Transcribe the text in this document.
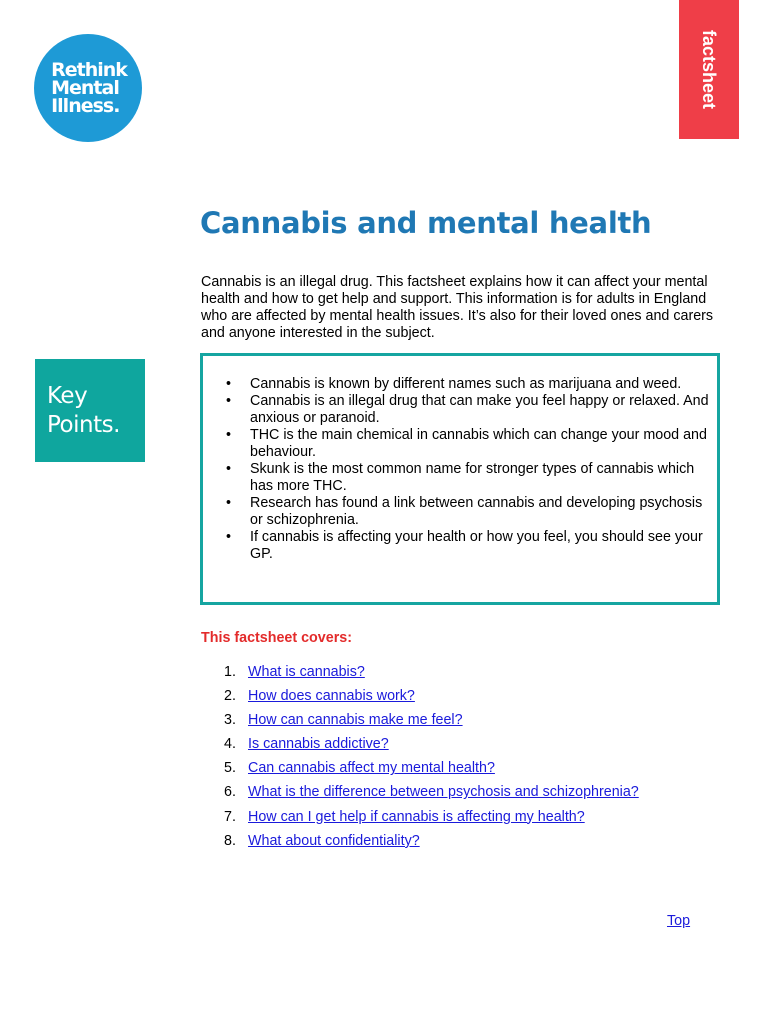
Rethink
Mental
Illness.	factsheet
Cannabis and mental health

Cannabis is an illegal drug. This factsheet explains how it can affect your mental health and how to get help and support. This information is for adults in England who are affected by mental health issues. It’s also for their loved ones and carers and anyone interested in the subject.

Key
Points.
• Cannabis is known by different names such as marijuana and weed.
• Cannabis is an illegal drug that can make you feel happy or relaxed. And anxious or paranoid.
• THC is the main chemical in cannabis which can change your mood and behaviour.
• Skunk is the most common name for stronger types of cannabis which has more THC.
• Research has found a link between cannabis and developing psychosis or schizophrenia.
• If cannabis is affecting your health or how you feel, you should see your GP.
This factsheet covers:
1. What is cannabis?
2. How does cannabis work?
3. How can cannabis make me feel?
4. Is cannabis addictive?
5. Can cannabis affect my mental health?
6. What is the difference between psychosis and schizophrenia?
7. How can I get help if cannabis is affecting my health?
8. What about confidentiality?
Top
